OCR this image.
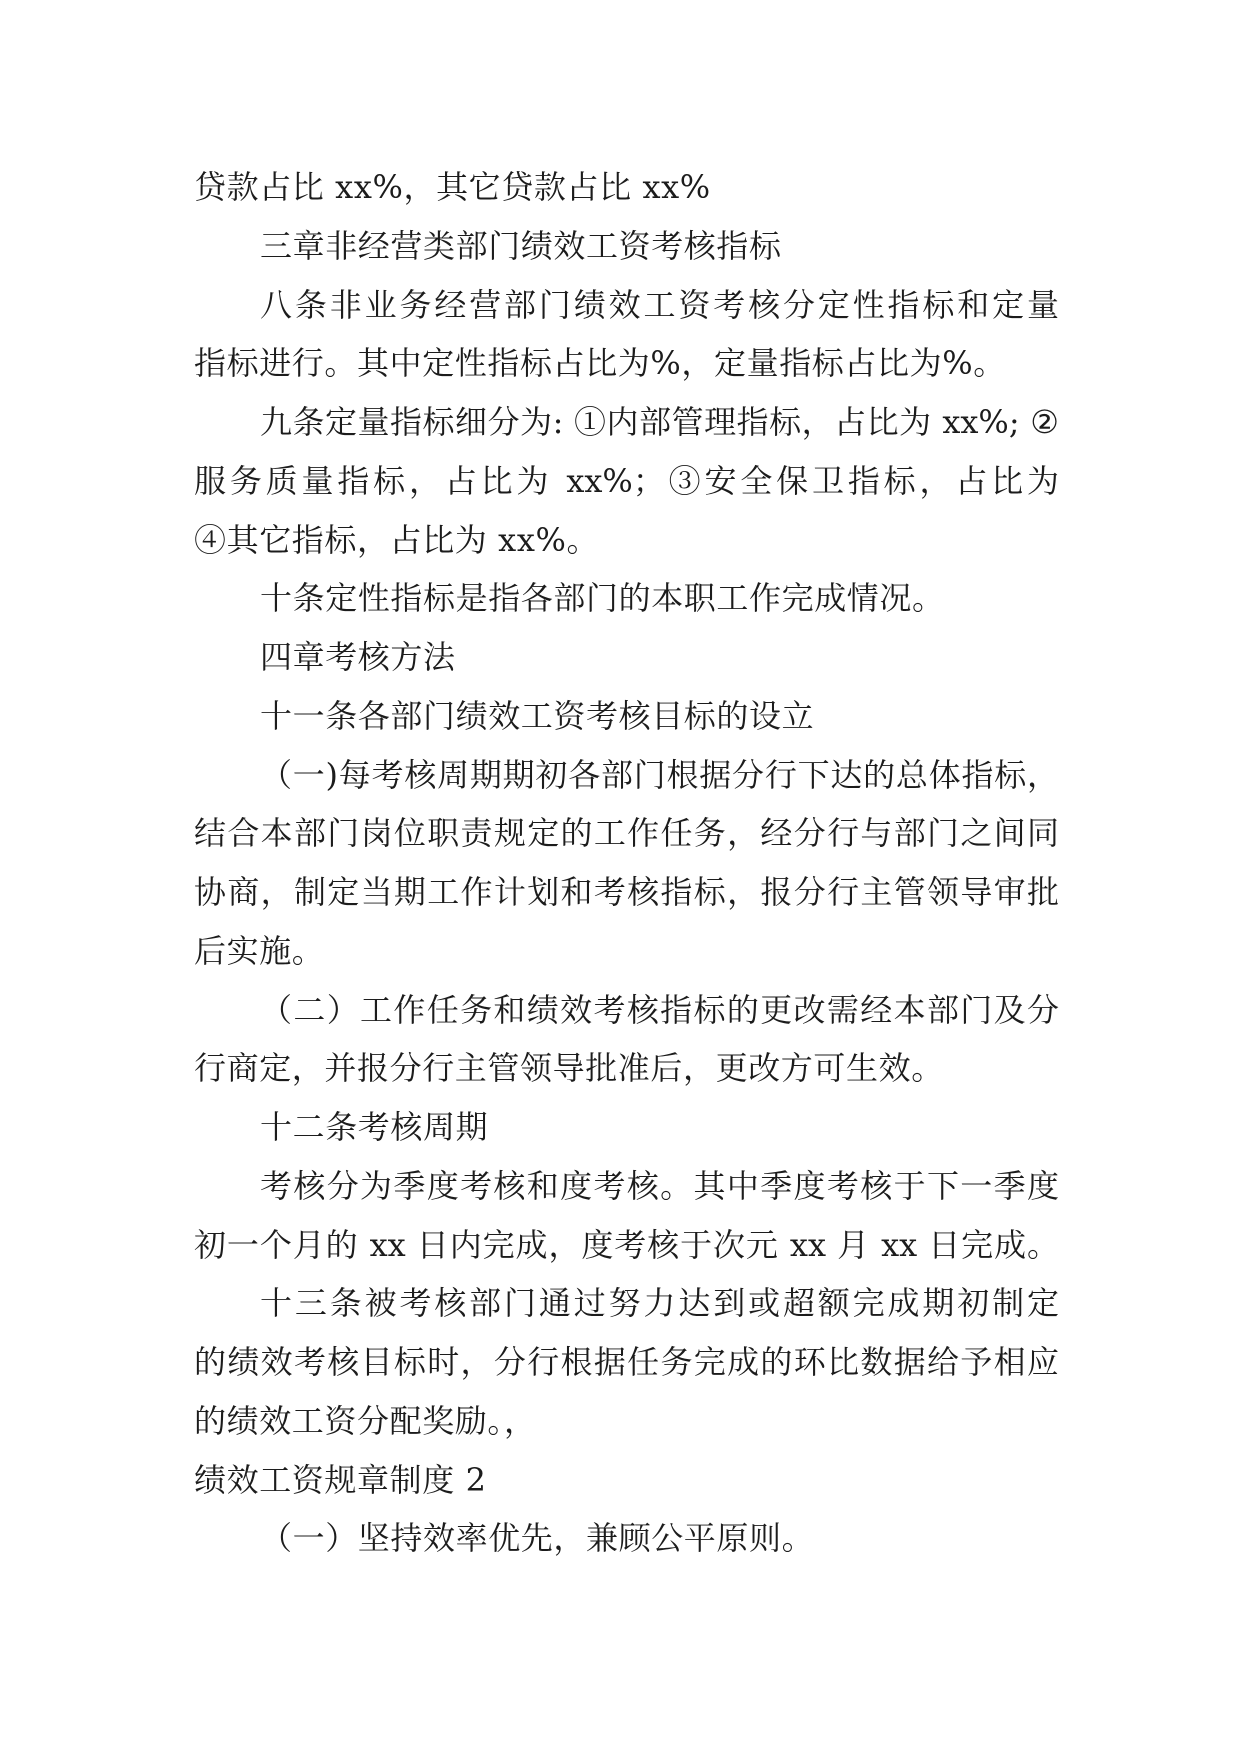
贷款占比 xx%，其它贷款占比 xx%
三章非经营类部门绩效工资考核指标
八条非业务经营部门绩效工资考核分定性指标和定量
指标进行。其中定性指标占比为%，定量指标占比为%。
九条定量指标细分为: ①内部管理指标，占比为 xx%; ②
服务质量指标，占比为 xx%；③安全保卫指标，占比为
④其它指标，占比为 xx%。
十条定性指标是指各部门的本职工作完成情况。
四章考核方法
十一条各部门绩效工资考核目标的设立
（一)每考核周期期初各部门根据分行下达的总体指标，
结合本部门岗位职责规定的工作任务，经分行与部门之间同
协商，制定当期工作计划和考核指标，报分行主管领导审批
后实施。
（二）工作任务和绩效考核指标的更改需经本部门及分
行商定，并报分行主管领导批准后，更改方可生效。
十二条考核周期
考核分为季度考核和度考核。其中季度考核于下一季度
初一个月的 xx 日内完成，度考核于次元 xx 月 xx 日完成。
十三条被考核部门通过努力达到或超额完成期初制定
的绩效考核目标时，分行根据任务完成的环比数据给予相应
的绩效工资分配奖励。，
绩效工资规章制度 2
（一）坚持效率优先，兼顾公平原则。
